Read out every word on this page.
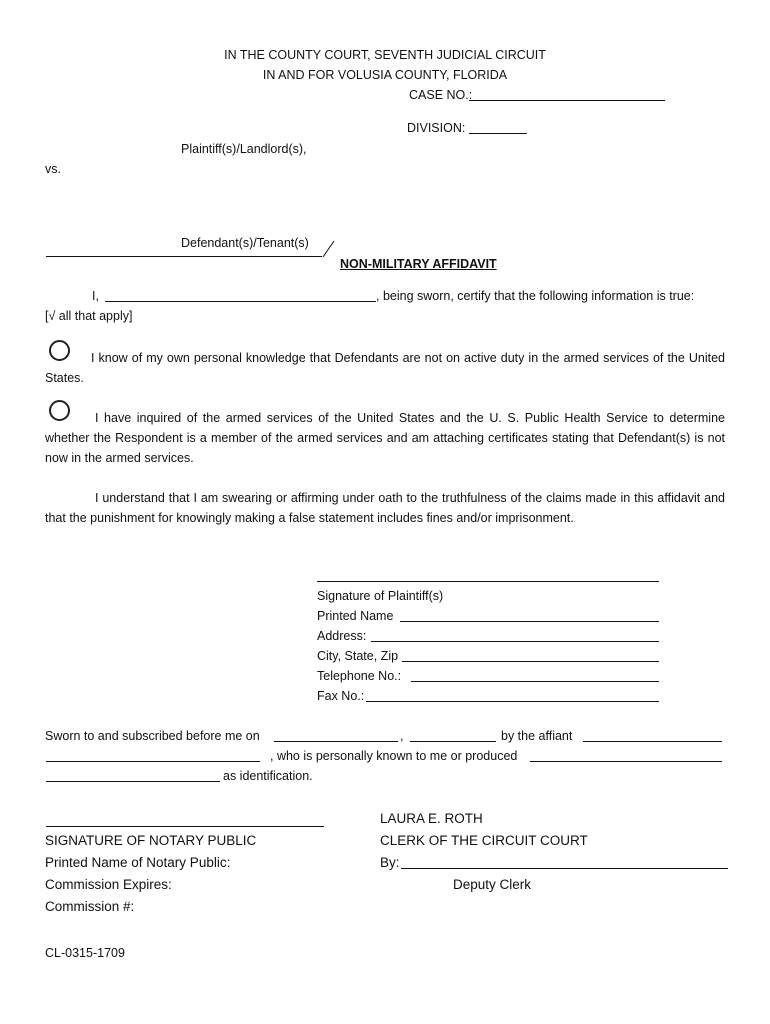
IN THE COUNTY COURT, SEVENTH JUDICIAL CIRCUIT
IN AND FOR VOLUSIA COUNTY, FLORIDA
CASE NO.:
DIVISION:
Plaintiff(s)/Landlord(s),
vs.
Defendant(s)/Tenant(s)
NON-MILITARY AFFIDAVIT
I,	, being sworn, certify that the following information is true:
[√ all that apply]
I know of my own personal knowledge that Defendants are not on active duty in the armed services of the United States.
I have inquired of the armed services of the United States and the U. S. Public Health Service to determine whether the Respondent is a member of the armed services and am attaching certificates stating that Defendant(s) is not now in the armed services.
I understand that I am swearing or affirming under oath to the truthfulness of the claims made in this affidavit and that the punishment for knowingly making a false statement includes fines and/or imprisonment.
Signature of Plaintiff(s)
Printed Name
Address:
City, State, Zip
Telephone No.:
Fax No.:
Sworn to and subscribed before me on	,	by the affiant
, who is personally known to me or produced
as identification.
LAURA E. ROTH
SIGNATURE OF NOTARY PUBLIC	CLERK OF THE CIRCUIT COURT
Printed Name of Notary Public:	By:
Commission Expires:	Deputy Clerk
Commission #:
CL-0315-1709
